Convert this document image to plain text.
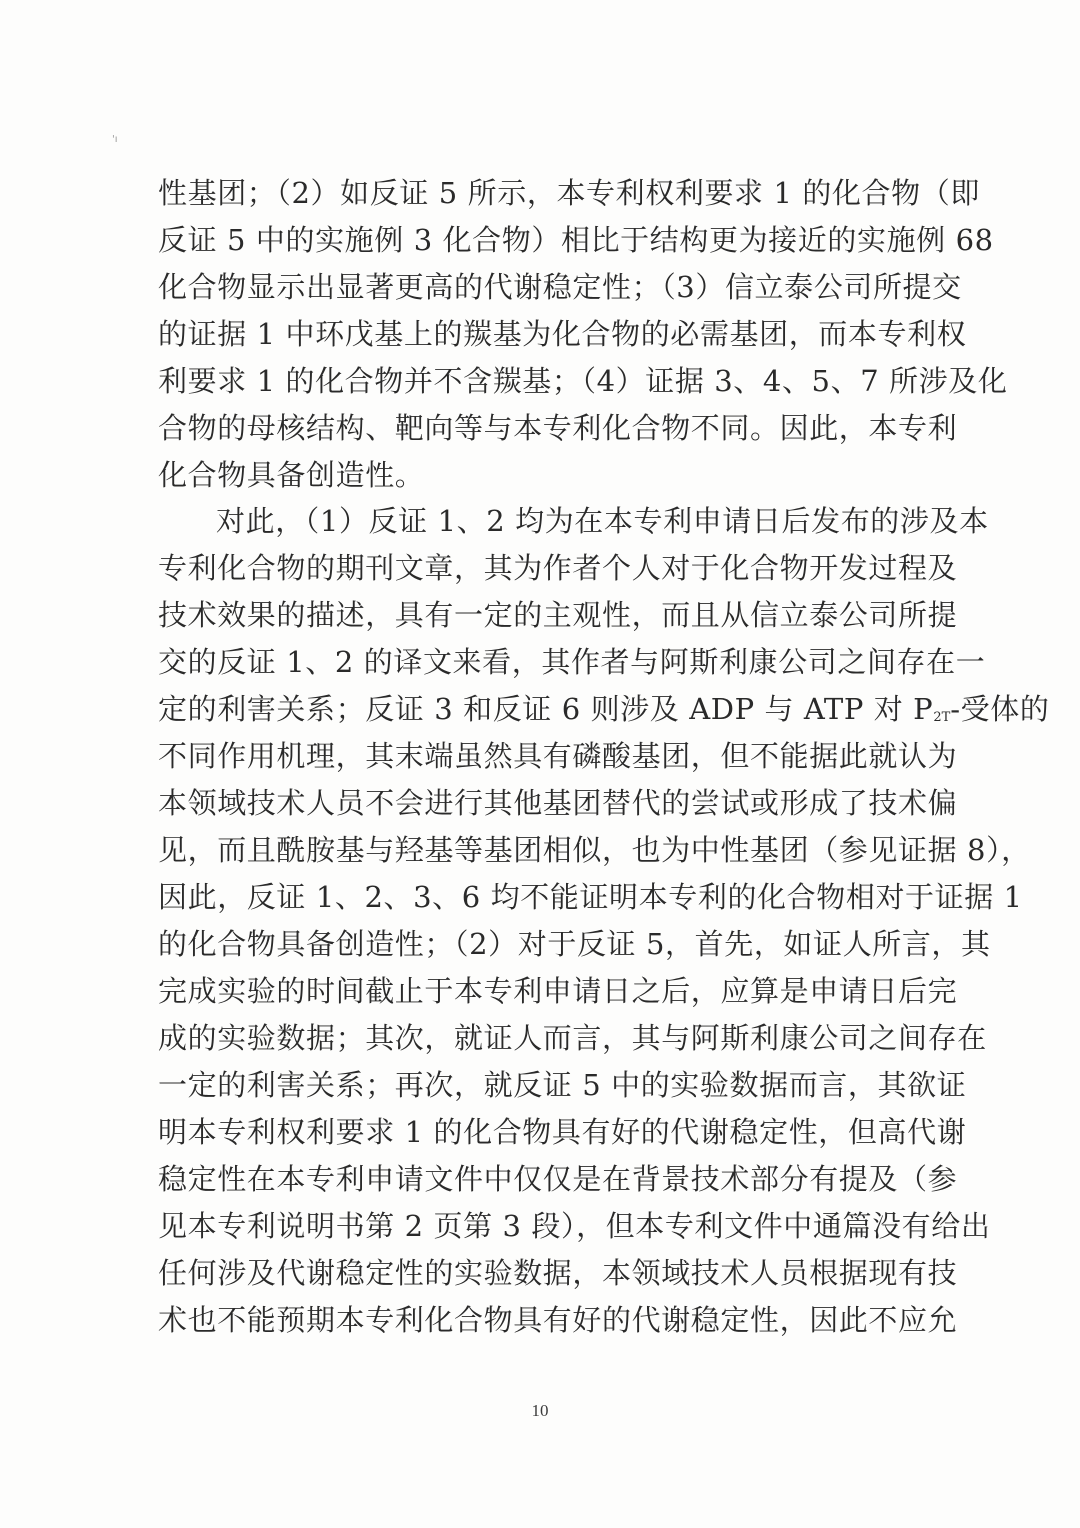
'ı
性基团；（2）如反证 5 所示，本专利权利要求 1 的化合物（即
反证 5 中的实施例 3 化合物）相比于结构更为接近的实施例 68
化合物显示出显著更高的代谢稳定性；（3）信立泰公司所提交
的证据 1 中环戊基上的羰基为化合物的必需基团，而本专利权
利要求 1 的化合物并不含羰基；（4）证据 3、4、5、7 所涉及化
合物的母核结构、靶向等与本专利化合物不同。因此，本专利
化合物具备创造性。
对此，（1）反证 1、2 均为在本专利申请日后发布的涉及本
专利化合物的期刊文章，其为作者个人对于化合物开发过程及
技术效果的描述，具有一定的主观性，而且从信立泰公司所提
交的反证 1、2 的译文来看，其作者与阿斯利康公司之间存在一
定的利害关系；反证 3 和反证 6 则涉及 ADP 与 ATP 对 $P_{2T}-$受体的
不同作用机理，其末端虽然具有磷酸基团，但不能据此就认为
本领域技术人员不会进行其他基团替代的尝试或形成了技术偏
见，而且酰胺基与羟基等基团相似，也为中性基团（参见证据 8），
因此，反证 1、2、3、6 均不能证明本专利的化合物相对于证据 1
的化合物具备创造性；（2）对于反证 5，首先，如证人所言，其
完成实验的时间截止于本专利申请日之后，应算是申请日后完
成的实验数据；其次，就证人而言，其与阿斯利康公司之间存在
一定的利害关系；再次，就反证 5 中的实验数据而言，其欲证
明本专利权利要求 1 的化合物具有好的代谢稳定性，但高代谢
稳定性在本专利申请文件中仅仅是在背景技术部分有提及（参
见本专利说明书第 2 页第 3 段），但本专利文件中通篇没有给出
任何涉及代谢稳定性的实验数据，本领域技术人员根据现有技
术也不能预期本专利化合物具有好的代谢稳定性，因此不应允
10
